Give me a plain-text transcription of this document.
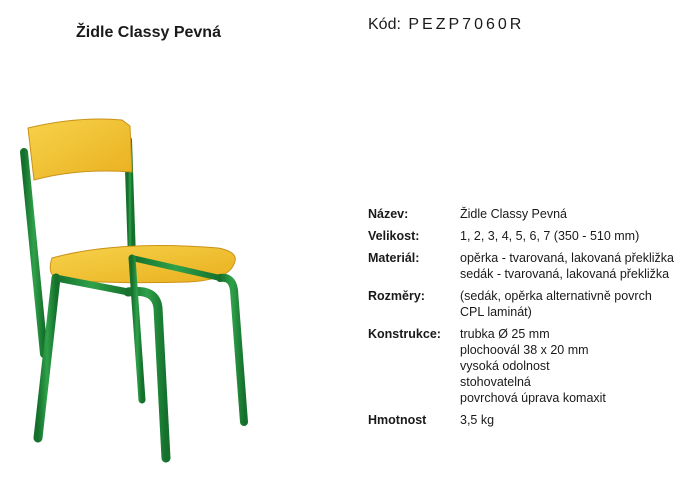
Židle Classy Pevná	Kód: PEZP7060R
Název:	Židle Classy Pevná
Velikost:	1, 2, 3, 4, 5, 6, 7 (350 - 510 mm)
Materiál:	opěrka - tvarovaná, lakovaná překližka
sedák - tvarovaná, lakovaná překližka
Rozměry:	(sedák, opěrka alternativně povrch
CPL laminát)
Konstrukce:	trubka Ø 25 mm
plochoovál 38 x 20 mm
vysoká odolnost
stohovatelná
povrchová úprava komaxit
Hmotnost	3,5 kg
